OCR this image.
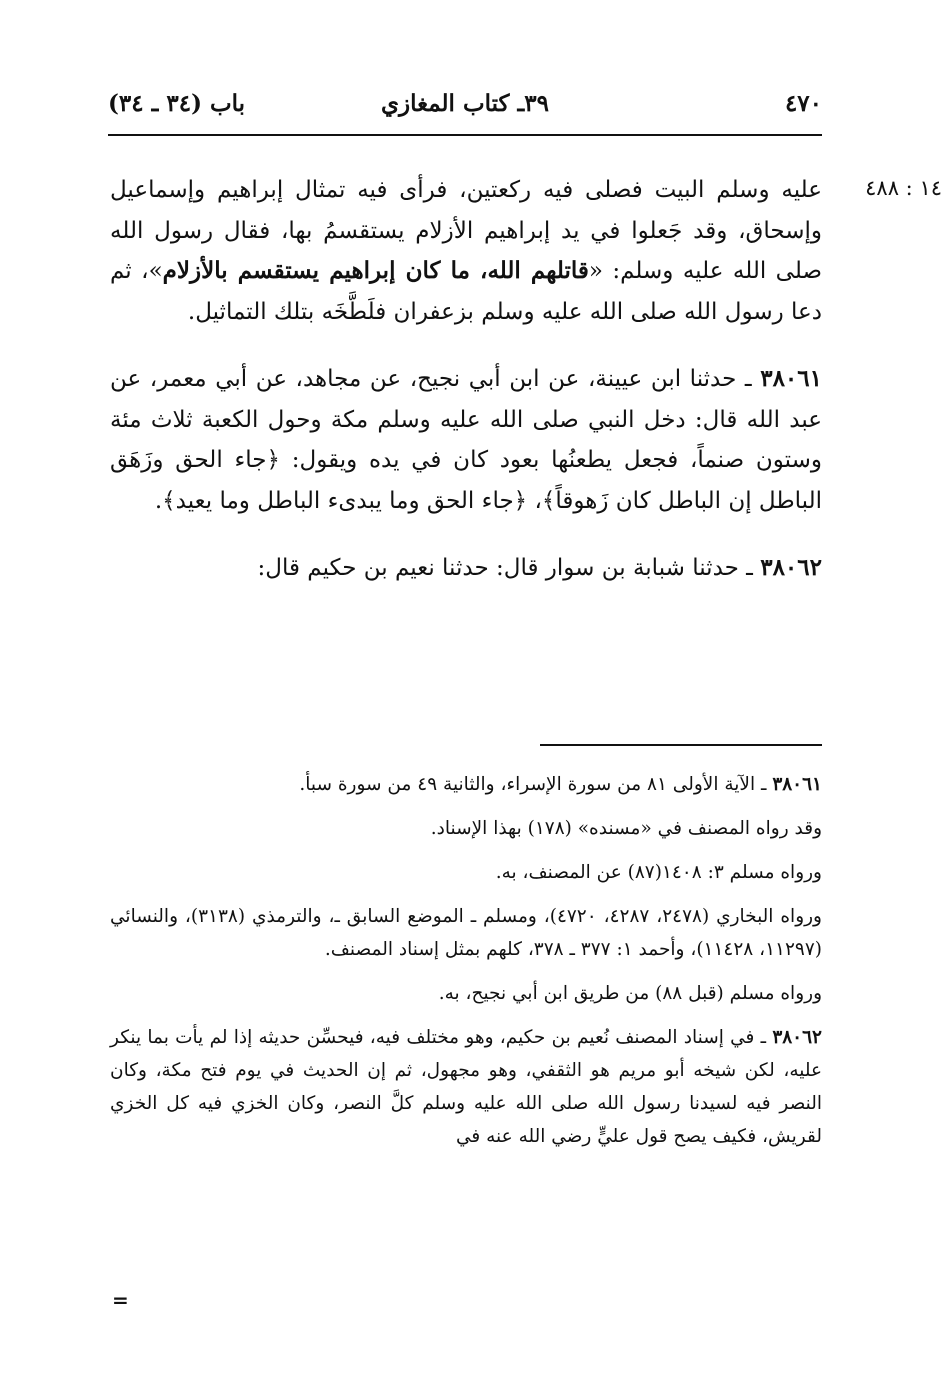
٤٧٠
٣٩ـ كتاب المغازي
باب (٣٤ ـ ٣٤)
١٤ : ٤٨٨

عليه وسلم البيت فصلى فيه ركعتين، فرأى فيه تمثال إبراهيم وإسماعيل وإسحاق، وقد جَعلوا في يد إبراهيم الأزلام يستقسمُ بها، فقال رسول الله صلى الله عليه وسلم: «قاتلهم الله، ما كان إبراهيم يستقسم بالأزلام»، ثم دعا رسول الله صلى الله عليه وسلم بزعفران فلَطَّخَه بتلك التماثيل.

٣٨٠٦١ ـ حدثنا ابن عيينة، عن ابن أبي نجيح، عن مجاهد، عن أبي معمر، عن عبد الله قال: دخل النبي صلى الله عليه وسلم مكة وحول الكعبة ثلاث مئة وستون صنماً، فجعل يطعنُها بعود كان في يده ويقول: ﴿جاء الحق وزَهَق الباطل إن الباطل كان زَهوقاً﴾، ﴿جاء الحق وما يبدىء الباطل وما يعيد﴾.

٣٨٠٦٢ ـ حدثنا شبابة بن سوار قال: حدثنا نعيم بن حكيم قال:

٣٨٠٦١ ـ الآية الأولى ٨١ من سورة الإسراء، والثانية ٤٩ من سورة سبأ.

وقد رواه المصنف في «مسنده» (١٧٨) بهذا الإسناد.

ورواه مسلم ٣: ١٤٠٨(٨٧) عن المصنف، به.

ورواه البخاري (٢٤٧٨، ٤٢٨٧، ٤٧٢٠)، ومسلم ـ الموضع السابق ـ، والترمذي (٣١٣٨)، والنسائي (١١٢٩٧، ١١٤٢٨)، وأحمد ١: ٣٧٧ ـ ٣٧٨، كلهم بمثل إسناد المصنف.

ورواه مسلم (قبل ٨٨) من طريق ابن أبي نجيح، به.

٣٨٠٦٢ ـ في إسناد المصنف نُعيم بن حكيم، وهو مختلف فيه، فيحسِّن حديثه إذا لم يأت بما ينكر عليه، لكن شيخه أبو مريم هو الثقفي، وهو مجهول، ثم إن الحديث في يوم فتح مكة، وكان النصر فيه لسيدنا رسول الله صلى الله عليه وسلم كلَّ النصر، وكان الخزي فيه كل الخزي لقريش، فكيف يصح قول عليٍّ رضي الله عنه في

=
